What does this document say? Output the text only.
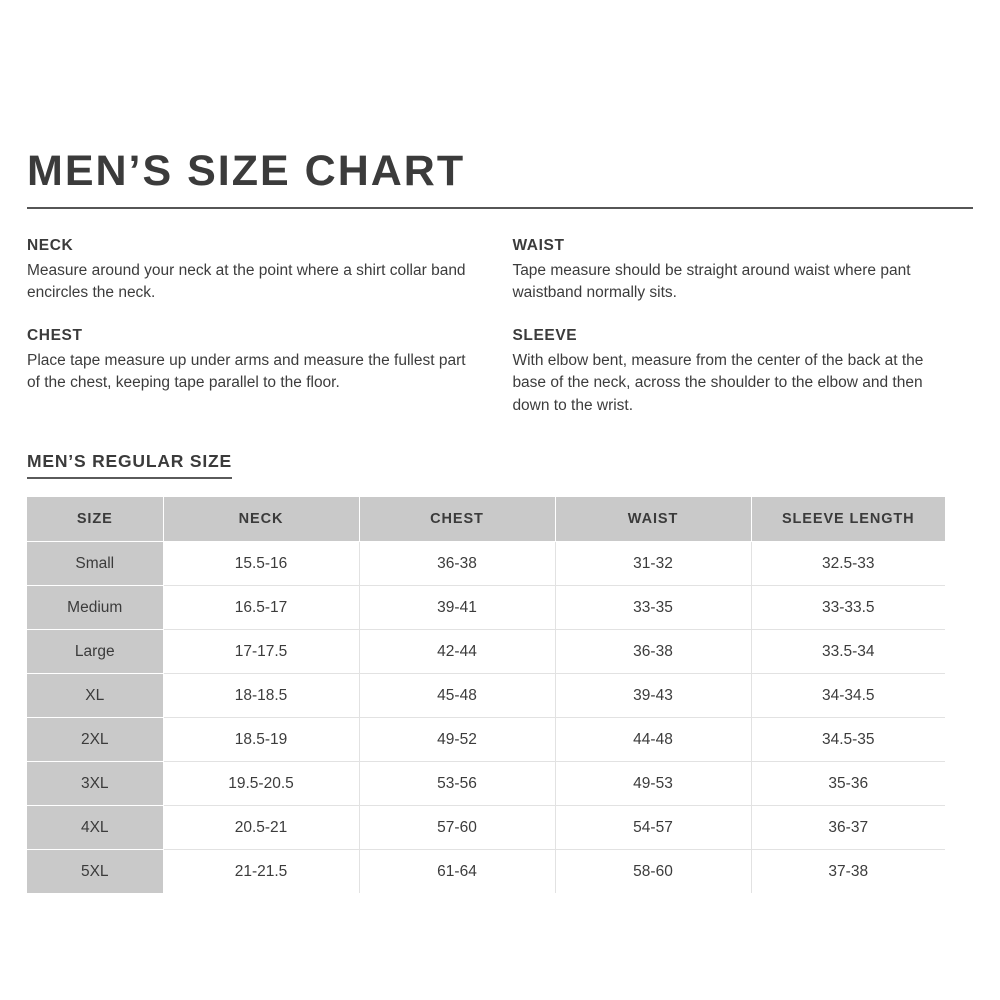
MEN’S SIZE CHART
NECK
Measure around your neck at the point where a shirt collar band encircles the neck.
CHEST
Place tape measure up under arms and measure the fullest part of the chest, keeping tape parallel to the floor.
WAIST
Tape measure should be straight around waist where pant waistband normally sits.
SLEEVE
With elbow bent, measure from the center of the back at the base of the neck, across the shoulder to the elbow and then down to the wrist.
MEN’S REGULAR SIZE
SIZE	NECK	CHEST	WAIST	SLEEVE LENGTH
Small	15.5-16	36-38	31-32	32.5-33
Medium	16.5-17	39-41	33-35	33-33.5
Large	17-17.5	42-44	36-38	33.5-34
XL	18-18.5	45-48	39-43	34-34.5
2XL	18.5-19	49-52	44-48	34.5-35
3XL	19.5-20.5	53-56	49-53	35-36
4XL	20.5-21	57-60	54-57	36-37
5XL	21-21.5	61-64	58-60	37-38
